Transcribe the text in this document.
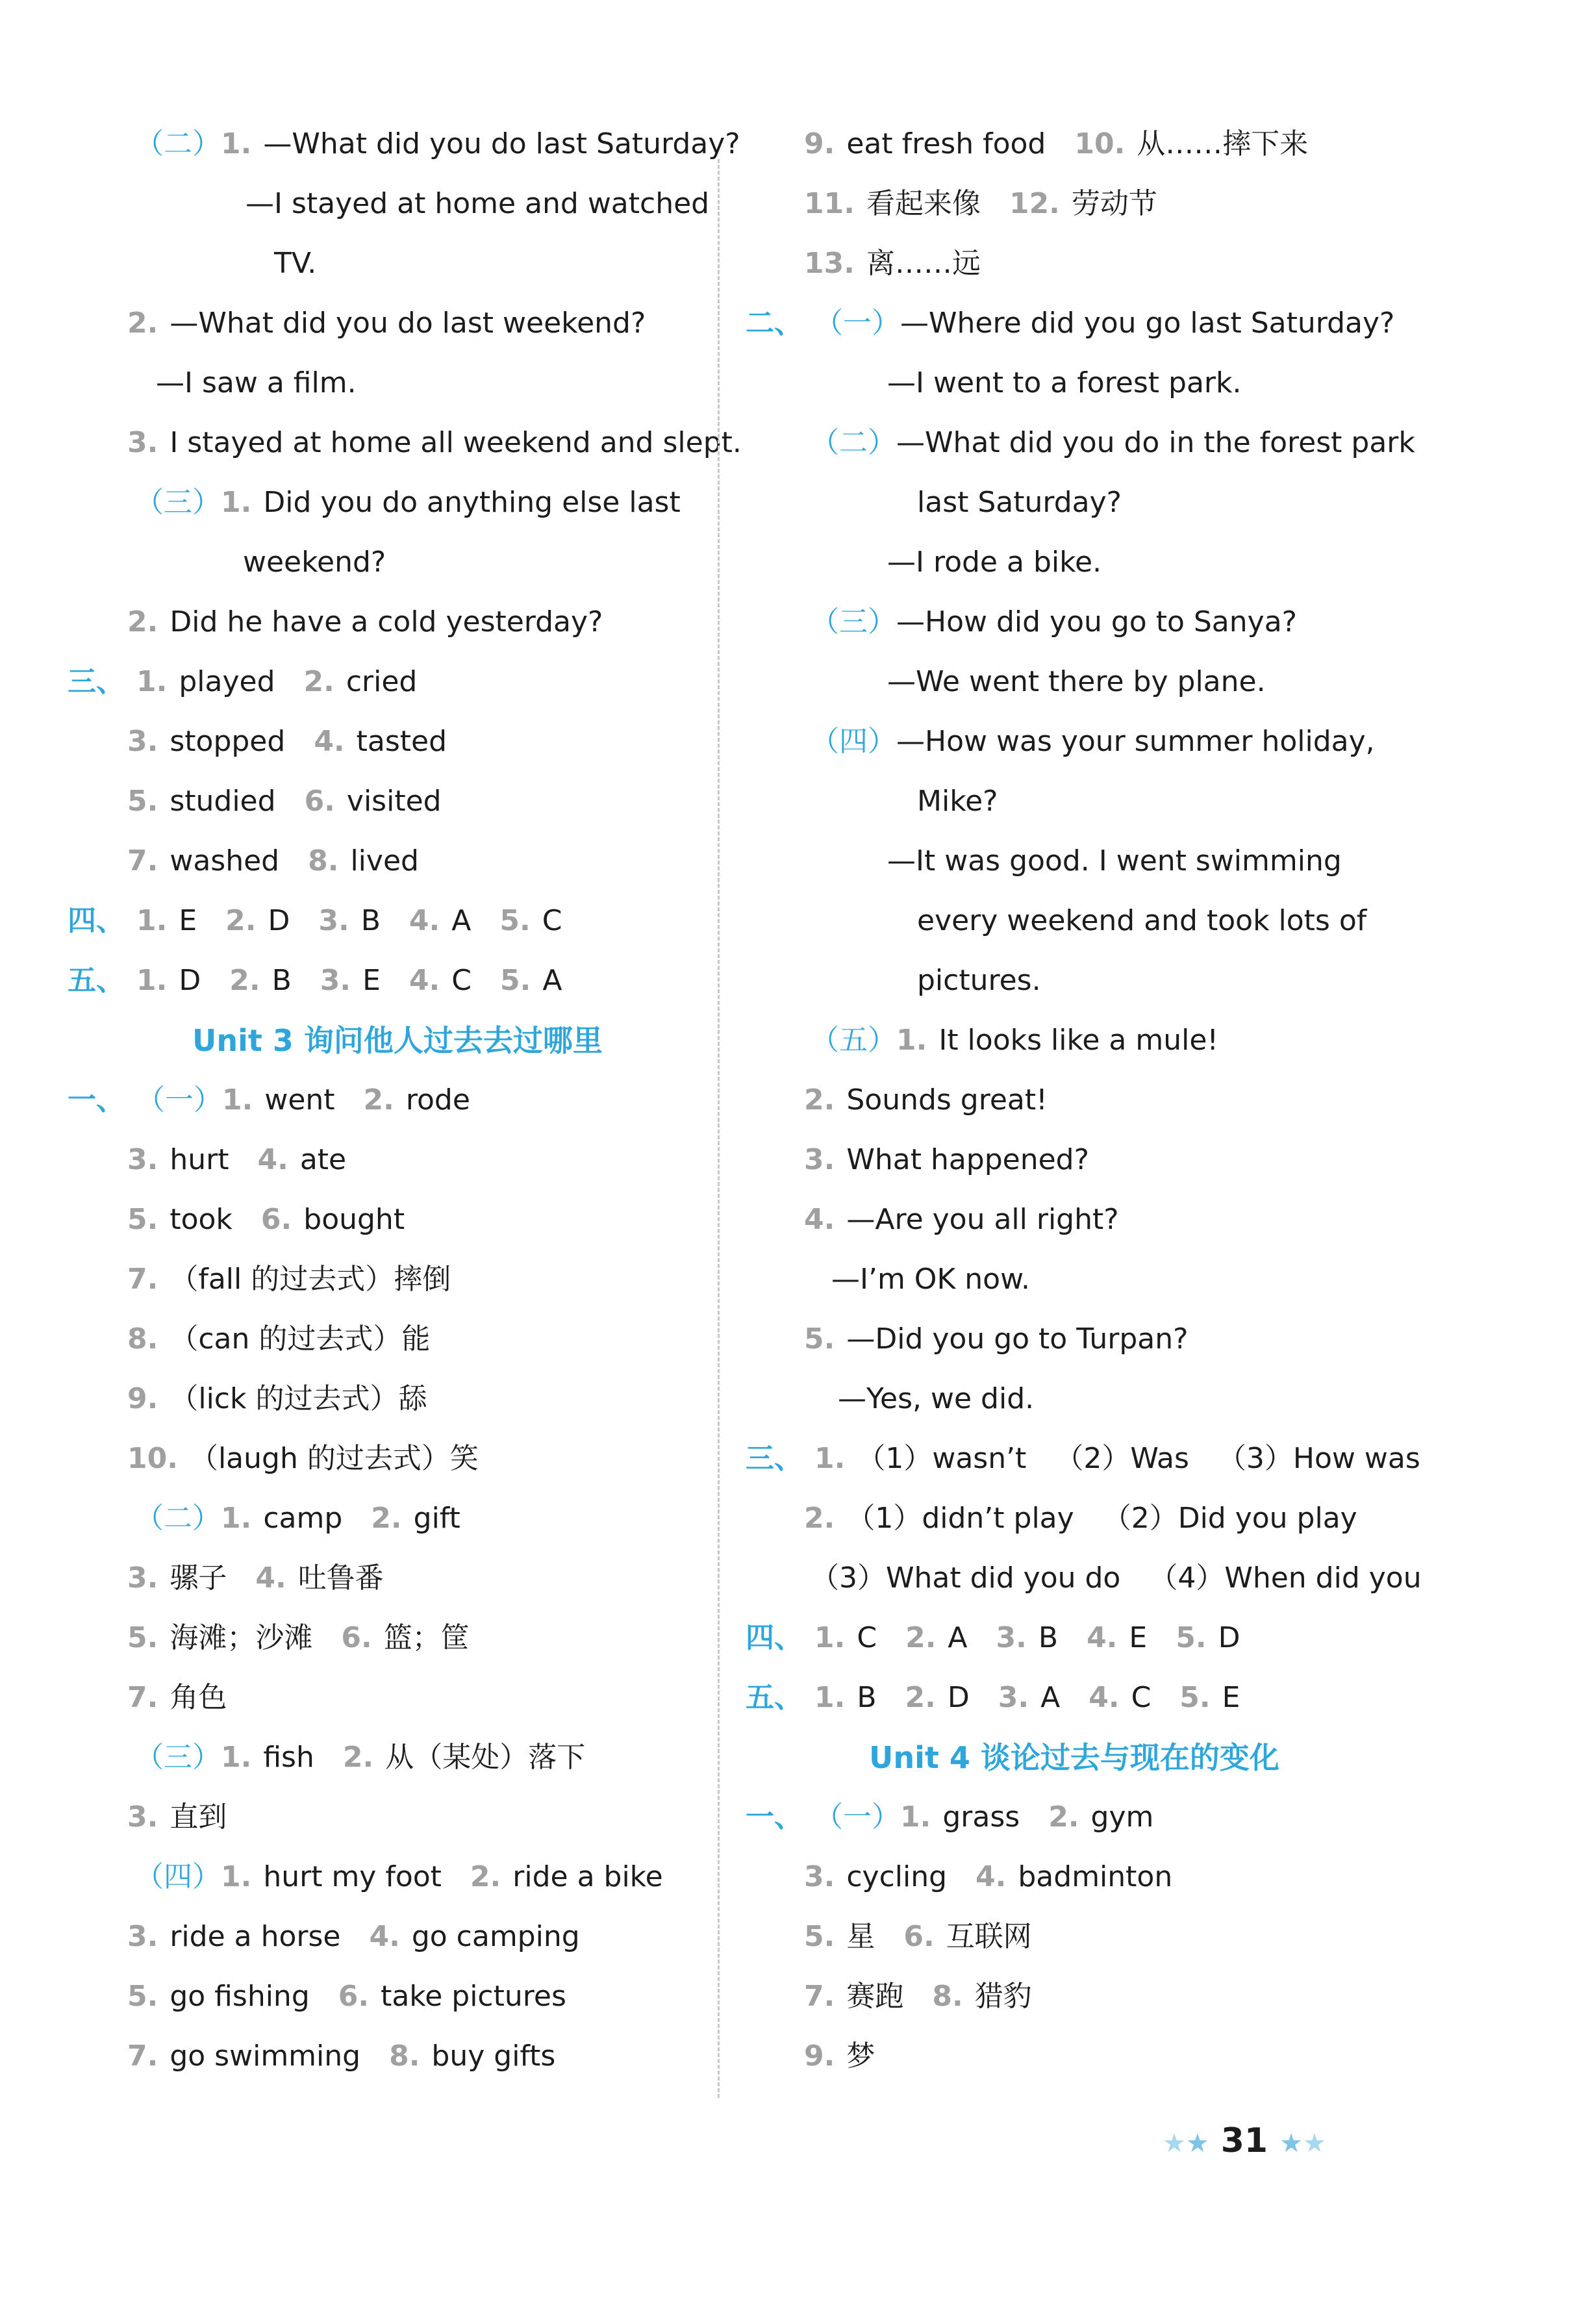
（二）1. —What did you do last Saturday?
—I stayed at home and watched
TV.
2. —What did you do last weekend?
—I saw a film.
3. I stayed at home all weekend and slept.
（三）1. Did you do anything else last
weekend?
2. Did he have a cold yesterday?
三、 1. played 2. cried
3. stopped 4. tasted
5. studied 6. visited
7. washed 8. lived
四、 1. E 2. D 3. B 4. A 5. C
五、 1. D 2. B 3. E 4. C 5. A
Unit 3 询问他人过去去过哪里
一、 （一）1. went 2. rode
3. hurt 4. ate
5. took 6. bought
7. （fall 的过去式）摔倒
8. （can 的过去式）能
9. （lick 的过去式）舔
10. （laugh 的过去式）笑
（二）1. camp 2. gift
3. 骡子 4. 吐鲁番
5. 海滩；沙滩 6. 篮；筐
7. 角色
（三）1. fish 2. 从（某处）落下
3. 直到
（四）1. hurt my foot 2. ride a bike
3. ride a horse 4. go camping
5. go fishing 6. take pictures
7. go swimming 8. buy gifts
9. eat fresh food 10. 从……摔下来
11. 看起来像 12. 劳动节
13. 离……远
二、 （一）—Where did you go last Saturday?
—I went to a forest park.
（二）—What did you do in the forest park
last Saturday?
—I rode a bike.
（三）—How did you go to Sanya?
—We went there by plane.
（四）—How was your summer holiday,
Mike?
—It was good. I went swimming
every weekend and took lots of
pictures.
（五）1. It looks like a mule!
2. Sounds great!
3. What happened?
4. —Are you all right?
—I’m OK now.
5. —Did you go to Turpan?
—Yes, we did.
三、 1. （1）wasn’t （2）Was （3）How was
2. （1）didn’t play （2）Did you play
（3）What did you do （4）When did you
四、 1. C 2. A 3. B 4. E 5. D
五、 1. B 2. D 3. A 4. C 5. E
Unit 4 谈论过去与现在的变化
一、 （一）1. grass 2. gym
3. cycling 4. badminton
5. 星 6. 互联网
7. 赛跑 8. 猎豹
9. 梦
★★ 31 ★★
